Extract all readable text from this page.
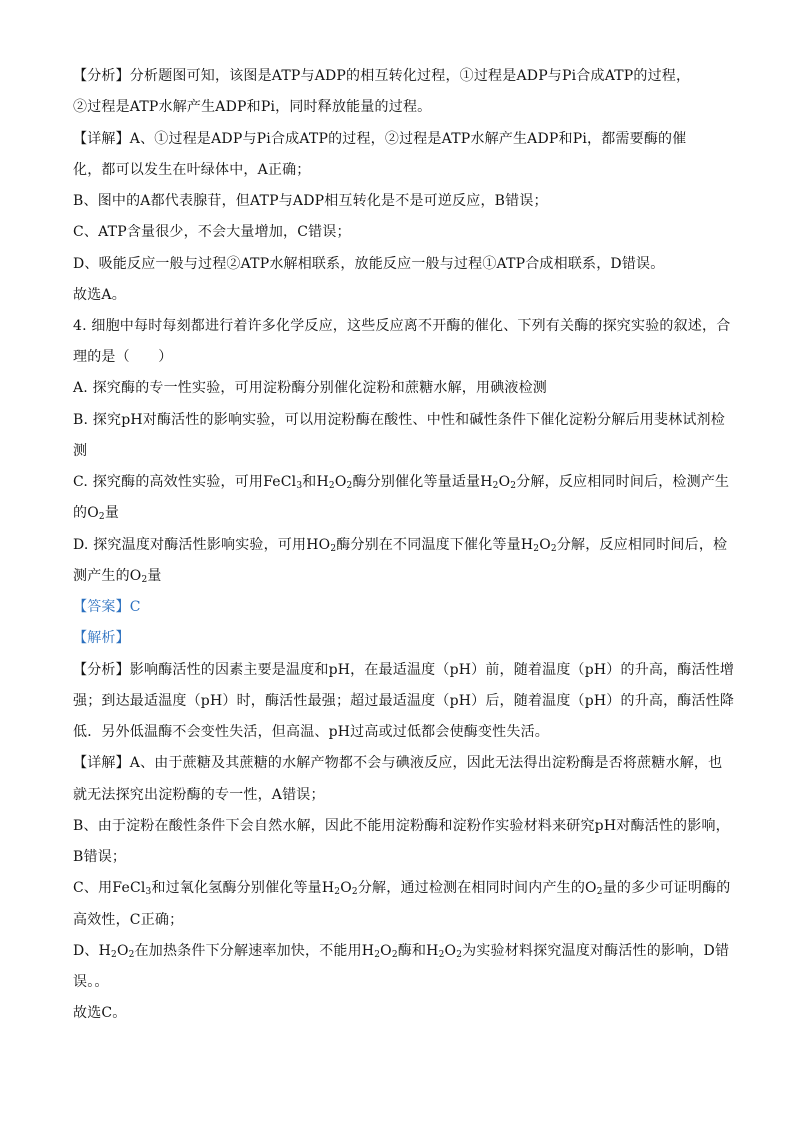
【分析】分析题图可知，该图是ATP与ADP的相互转化过程，①过程是ADP与Pi合成ATP的过程，
②过程是ATP水解产生ADP和Pi，同时释放能量的过程。
【详解】A、①过程是ADP与Pi合成ATP的过程，②过程是ATP水解产生ADP和Pi，都需要酶的催
化，都可以发生在叶绿体中，A正确；
B、图中的A都代表腺苷，但ATP与ADP相互转化是不是可逆反应，B错误；
C、ATP含量很少，不会大量增加，C错误；
D、吸能反应一般与过程②ATP水解相联系，放能反应一般与过程①ATP合成相联系，D错误。
故选A。
4. 细胞中每时每刻都进行着许多化学反应，这些反应离不开酶的催化、下列有关酶的探究实验的叙述，合
理的是（　　）
A. 探究酶的专一性实验，可用淀粉酶分别催化淀粉和蔗糖水解，用碘液检测
B. 探究pH对酶活性的影响实验，可以用淀粉酶在酸性、中性和碱性条件下催化淀粉分解后用斐林试剂检
测
C. 探究酶的高效性实验，可用FeCl$_3$和$H_2O_2$酶分别催化等量适量$H_2O_2$分解，反应相同时间后，检测产生
的$O_2$量
D. 探究温度对酶活性影响实验，可用$HO_2$酶分别在不同温度下催化等量$H_2O_2$分解，反应相同时间后，检
测产生的$O_2$量
【答案】C
【解析】
【分析】影响酶活性的因素主要是温度和pH，在最适温度（pH）前，随着温度（pH）的升高，酶活性增
强；到达最适温度（pH）时，酶活性最强；超过最适温度（pH）后，随着温度（pH）的升高，酶活性降
低．另外低温酶不会变性失活，但高温、pH过高或过低都会使酶变性失活。
【详解】A、由于蔗糖及其蔗糖的水解产物都不会与碘液反应，因此无法得出淀粉酶是否将蔗糖水解，也
就无法探究出淀粉酶的专一性，A错误；
B、由于淀粉在酸性条件下会自然水解，因此不能用淀粉酶和淀粉作实验材料来研究pH对酶活性的影响，
B错误；
C、用FeCl$_3$和过氧化氢酶分别催化等量$H_2O_2$分解，通过检测在相同时间内产生的$O_2$量的多少可证明酶的
高效性，C正确；
D、$H_2O_2$在加热条件下分解速率加快，不能用$H_2O_2$酶和$H_2O_2$为实验材料探究温度对酶活性的影响，D错
误。。
故选C。
